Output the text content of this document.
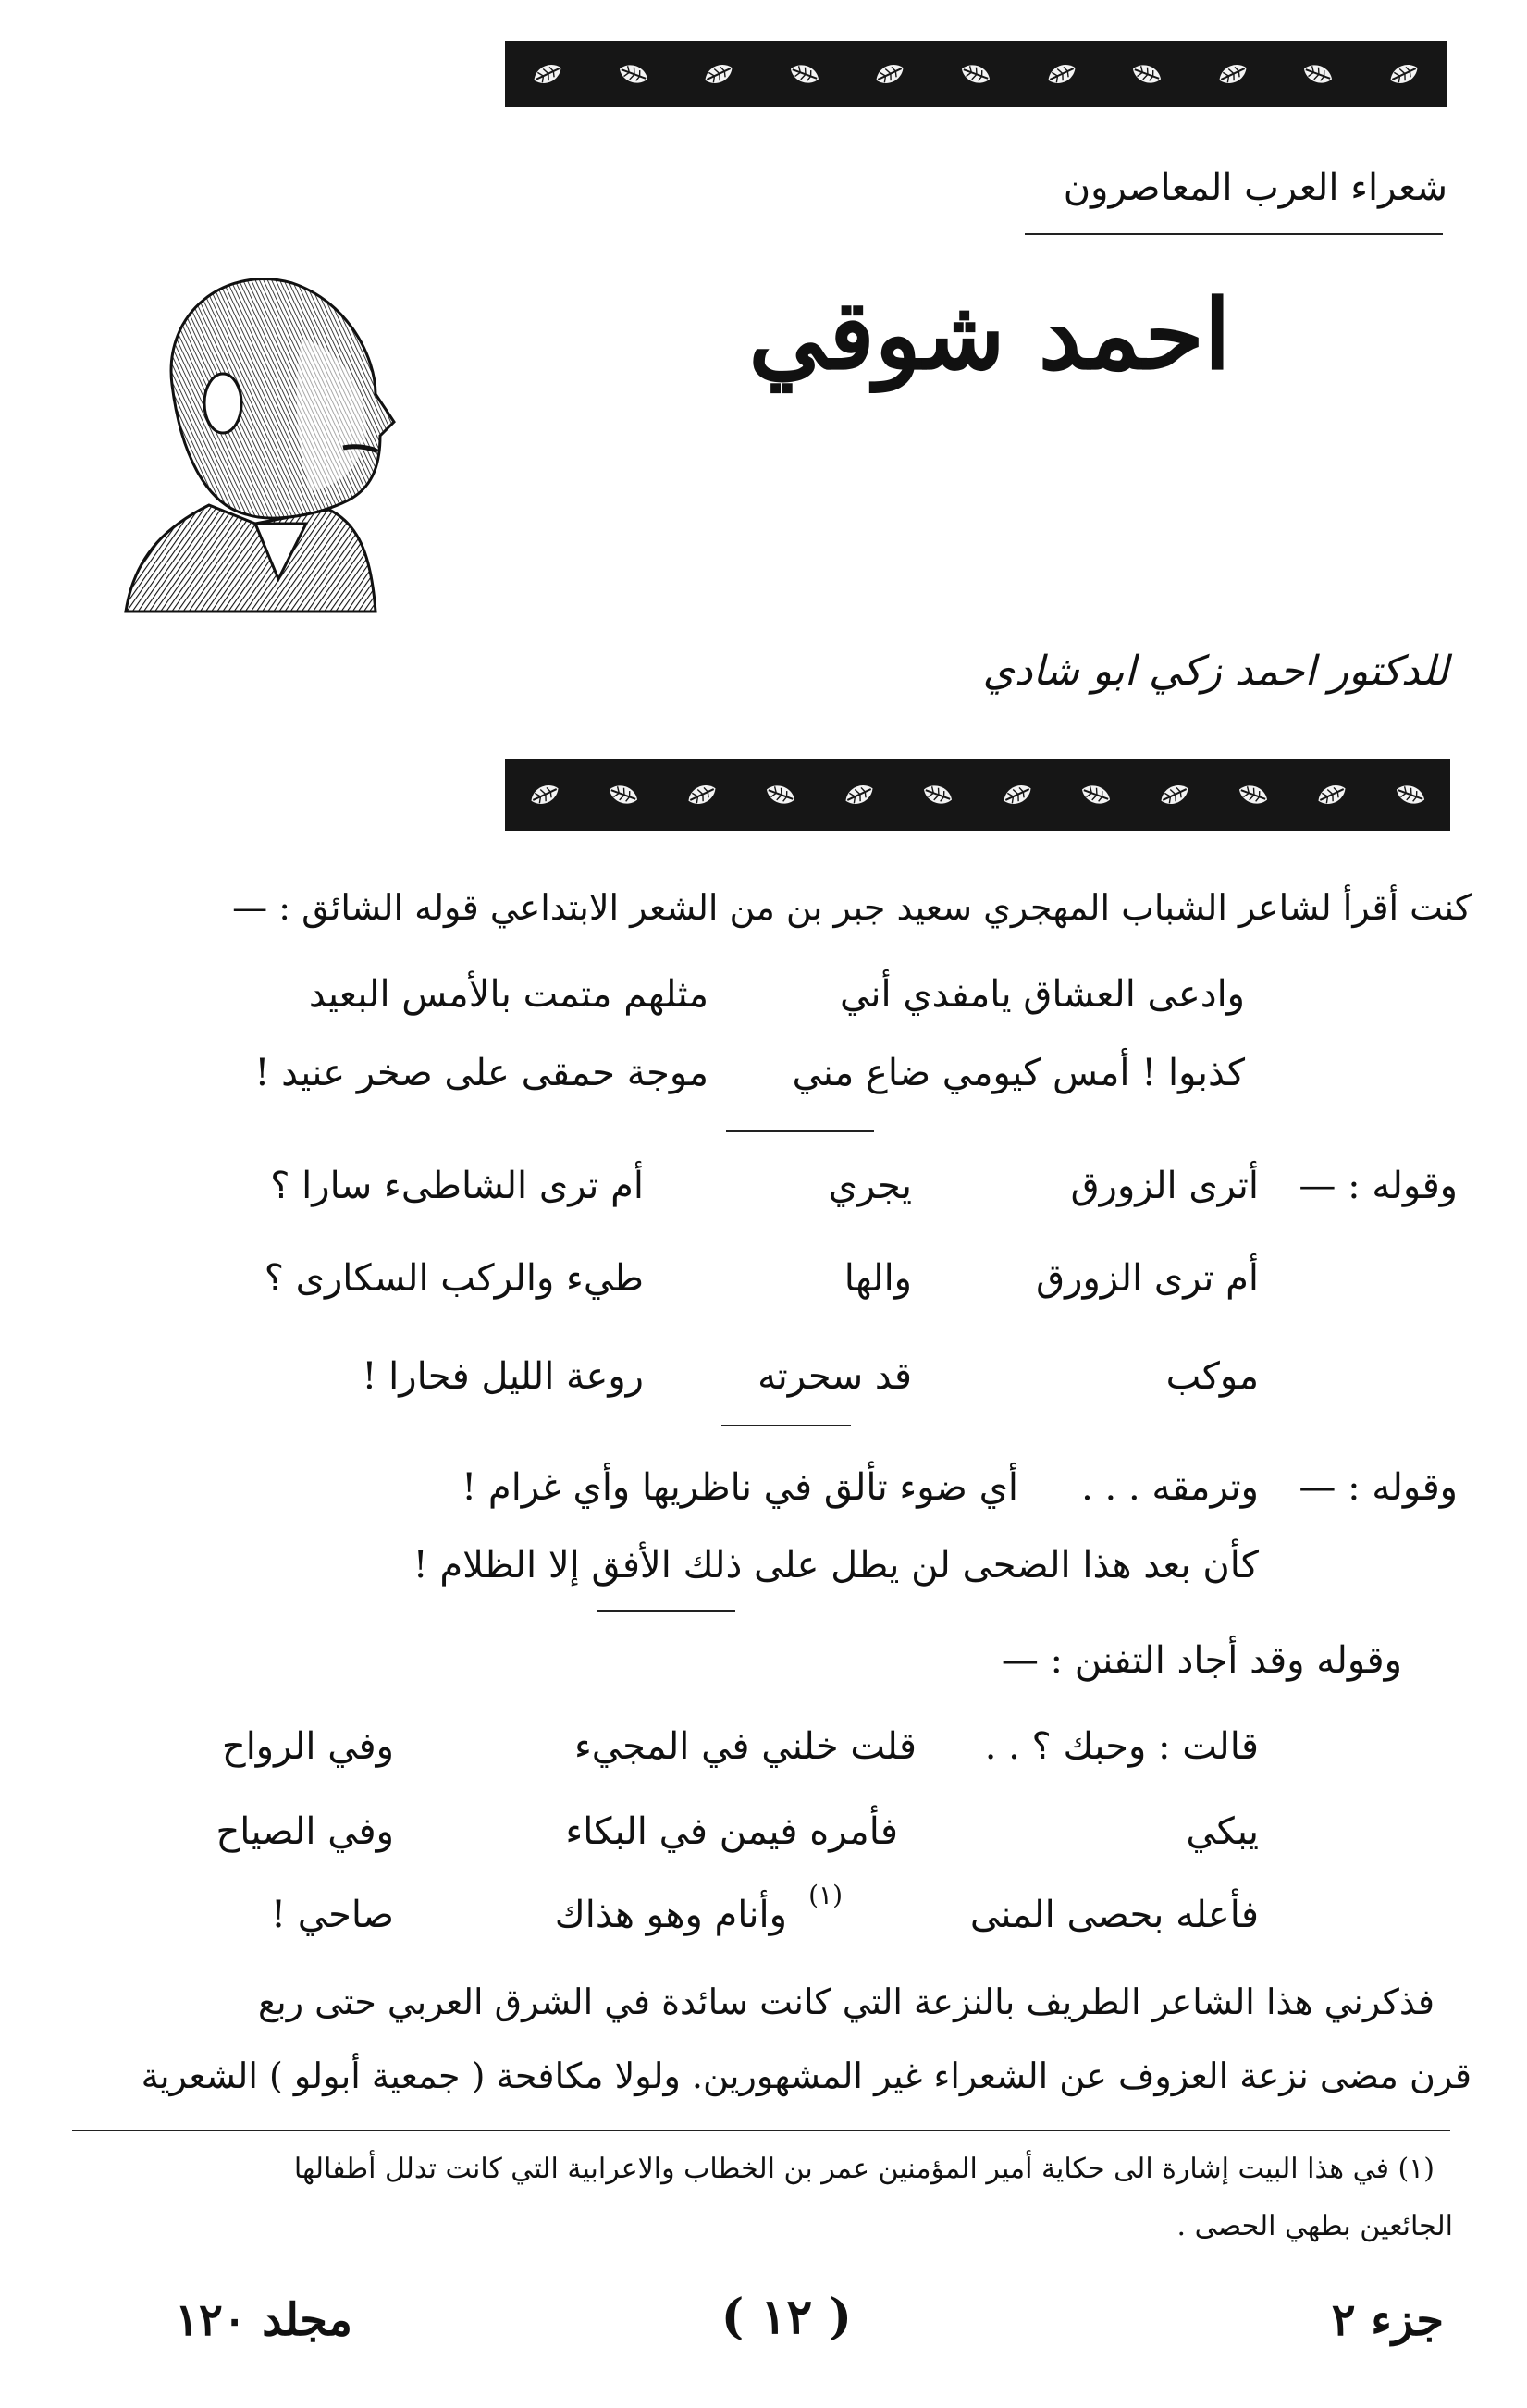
شعراء العرب المعاصرون
احمد شوقي
للدكتور احمد زكي ابو شادي
كنت أقرأ لشاعر الشباب المهجري سعيد جبر بن من الشعر الابتداعي قوله الشائق : —
وادعى العشاق يامفدي أني
مثلهم متمت بالأمس البعيد
كذبوا ! أمس كيومي ضاع مني
موجة حمقى على صخر عنيد !
وقوله : —
أترى الزورق
يجري
أم ترى الشاطىء سارا ؟
أم ترى الزورق
والها
طيء والركب السكارى ؟
موكب
قد سحرته
روعة الليل فحارا !
وقوله : —
وترمقه . . .
أي ضوء تألق في ناظريها وأي غرام !
كأن بعد هذا الضحى لن يطل على ذلك الأفق إلا الظلام !
وقوله وقد أجاد التفنن : —
قالت : وحبك ؟ . .
قلت خلني في المجيء
وفي الرواح
يبكي
فأمره فيمن في البكاء
وفي الصياح
فأعله بحصى المنى
(١)
وأنام وهو هذاك
صاحي !
فذكرني هذا الشاعر الطريف بالنزعة التي كانت سائدة في الشرق العربي حتى ربع
قرن مضى نزعة العزوف عن الشعراء غير المشهورين. ولولا مكافحة ( جمعية أبولو ) الشعرية
(١) في هذا البيت إشارة الى حكاية أمير المؤمنين عمر بن الخطاب والاعرابية التي كانت تدلل أطفالها
الجائعين بطهي الحصى .
جزء ٢
( ١٢ )
مجلد ١٢٠
